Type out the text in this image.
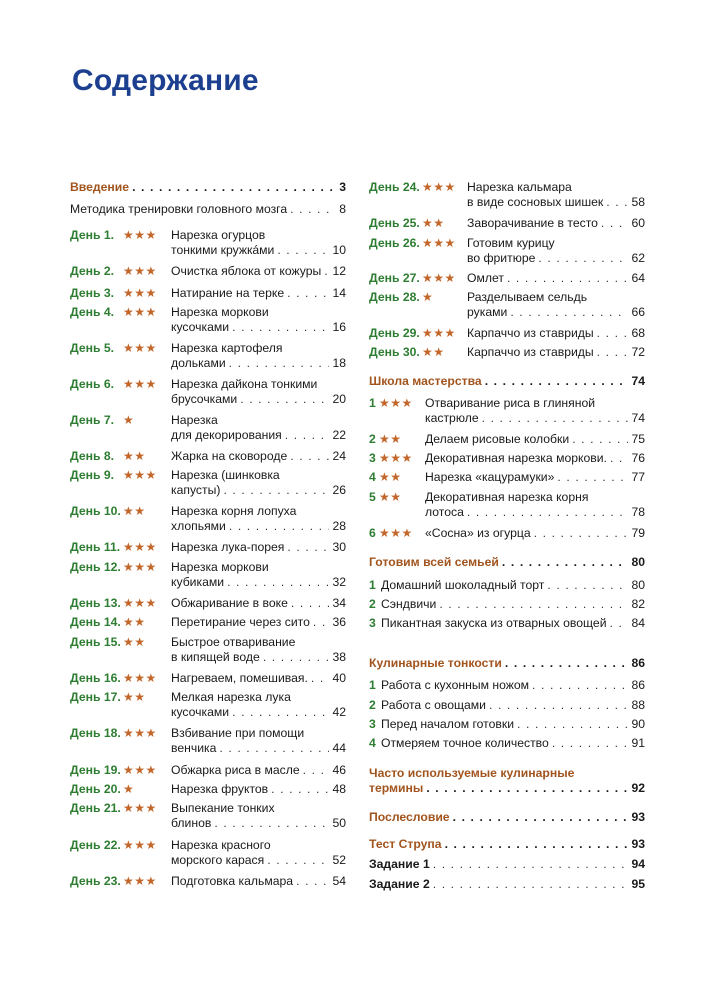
Содержание
Введение . . .	3
Методика тренировки головного мозга . . .	8
День 1. ★★★	Нарезка огурцов
тонкими кружкáми . . .	10
День 2. ★★★	Очистка яблока от кожуры . . . 12
День 3. ★★★	Натирание на терке . . .	14
День 4. ★★★	Нарезка моркови
кусочками . . .	16
День 5. ★★★	Нарезка картофеля
дольками . . .	18
День 6. ★★★	Нарезка дайкона тонкими
брусочками . . .	20
День 7. ★	Нарезка
для декорирования . . .	22
День 8. ★★	Жарка на сковороде . . .	24
День 9. ★★★	Нарезка (шинковка
капусты) . . .	26
День 10. ★★	Нарезка корня лопуха
хлопьями . . .	28
День 11. ★★★	Нарезка лука-порея . . .	30
День 12. ★★★	Нарезка моркови
кубиками . . .	32
День 13. ★★★	Обжаривание в воке . . .	34
День 14. ★★	Перетирание через сито . . . 36
День 15. ★★	Быстрое отваривание
в кипящей воде . . .	38
День 16. ★★★	Нагреваем, помешивая. . . . 40
День 17. ★★	Мелкая нарезка лука
кусочками . . .	42
День 18. ★★★	Взбивание при помощи
венчика . . .	44
День 19. ★★★	Обжарка риса в масле . . .	46
День 20. ★	Нарезка фруктов . . .	48
День 21. ★★★	Выпекание тонких
блинов . . .	50
День 22. ★★★	Нарезка красного
морского карася . . .	52
День 23. ★★★	Подготовка кальмара . . .	54
День 24. ★★★ Нарезка кальмара
в виде сосновых шишек . . . 58
День 25. ★★	Заворачивание в тесто . . .	60
День 26. ★★★ Готовим курицу
во фритюре . . .	62
День 27. ★★★ Омлет . . .	64
День 28. ★	Разделываем сельдь
руками . . .	66
День 29. ★★★ Карпаччо из ставриды . . .	68
День 30. ★★	Карпаччо из ставриды . . .	72
Школа мастерства . . .	74
1 ★★★	Отваривание риса в глиняной
кастрюле . . .	74
2 ★★	Делаем рисовые колобки . . .	75
3 ★★★	Декоративная нарезка моркови. . . . 76
4 ★★	Нарезка «кацурамуки» . . .	77
5 ★★	Декоративная нарезка корня
лотоса . . .	78
6 ★★★	«Сосна» из огурца . . .	79
Готовим всей семьей . . .	80
1 Домашний шоколадный торт . . .	80
2 Сэндвичи . . .	82
3 Пикантная закуска из отварных овощей . . . 84
Кулинарные тонкости . . .	86
1 Работа с кухонным ножом . . .	86
2 Работа с овощами . . .	88
3 Перед началом готовки . . .	90
4 Отмеряем точное количество . . .	91
Часто используемые кулинарные
термины . . .	92
Послесловие . . .	93
Тест Струпа . . .	93
Задание 1 . . .	94
Задание 2 . . .	95
